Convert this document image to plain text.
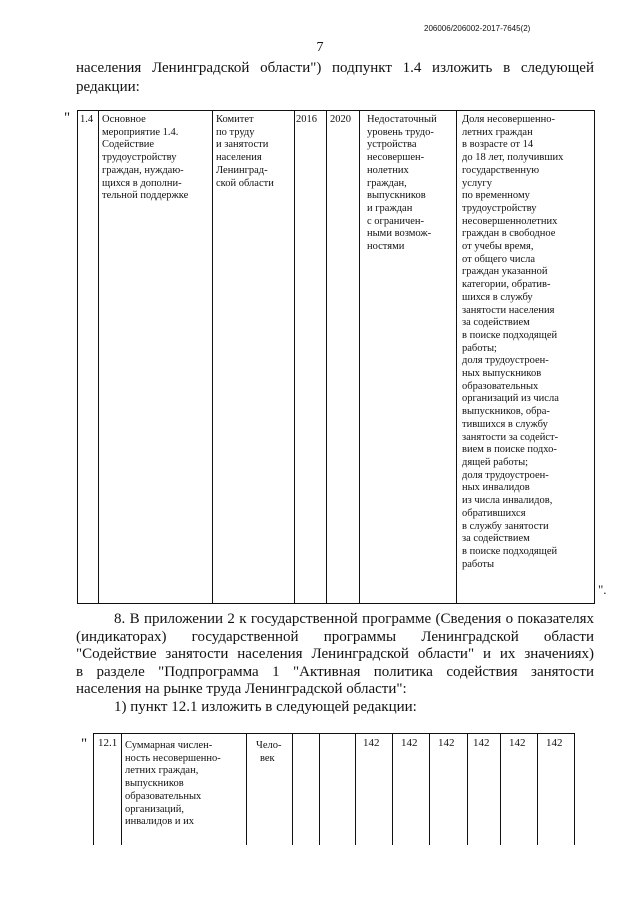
206006/206002-2017-7645(2)
7
населения Ленинградской области") подпункт 1.4 изложить в следующей
редакции:
" 1.4 Основное
мероприятие 1.4.
Содействие
трудоустройству
граждан, нуждаю-
щихся в дополни-
тельной поддержке
Комитет
по труду
и занятости
населения
Ленинград-
ской области
2016 2020 Недостаточный
уровень трудо-
устройства
несовершен-
нолетних
граждан,
выпускников
и граждан
с ограничен-
ными возмож-
ностями
Доля несовершенно-
летних граждан
в возрасте от 14
до 18 лет, получивших
государственную
услугу
по временному
трудоустройству
несовершеннолетних
граждан в свободное
от учебы время,
от общего числа
граждан указанной
категории, обратив-
шихся в службу
занятости населения
за содействием
в поиске подходящей
работы;
доля трудоустроен-
ных выпускников
образовательных
организаций из числа
выпускников, обра-
тившихся в службу
занятости за содейст-
вием в поиске подхо-
дящей работы;
доля трудоустроен-
ных инвалидов
из числа инвалидов,
обратившихся
в службу занятости
за содействием
в поиске подходящей
работы
".
8. В приложении 2 к государственной программе (Сведения о показателях
(индикаторах) государственной программы Ленинградской области
"Содействие занятости населения Ленинградской области" и их значениях)
в разделе "Подпрограмма 1 "Активная политика содействия занятости
населения на рынке труда Ленинградской области":
1) пункт 12.1 изложить в следующей редакции:
" 12.1 Суммарная числен-
ность несовершенно-
летних граждан,
выпускников
образовательных
организаций,
инвалидов и их
Чело-
век
142 142 142 142 142 142
